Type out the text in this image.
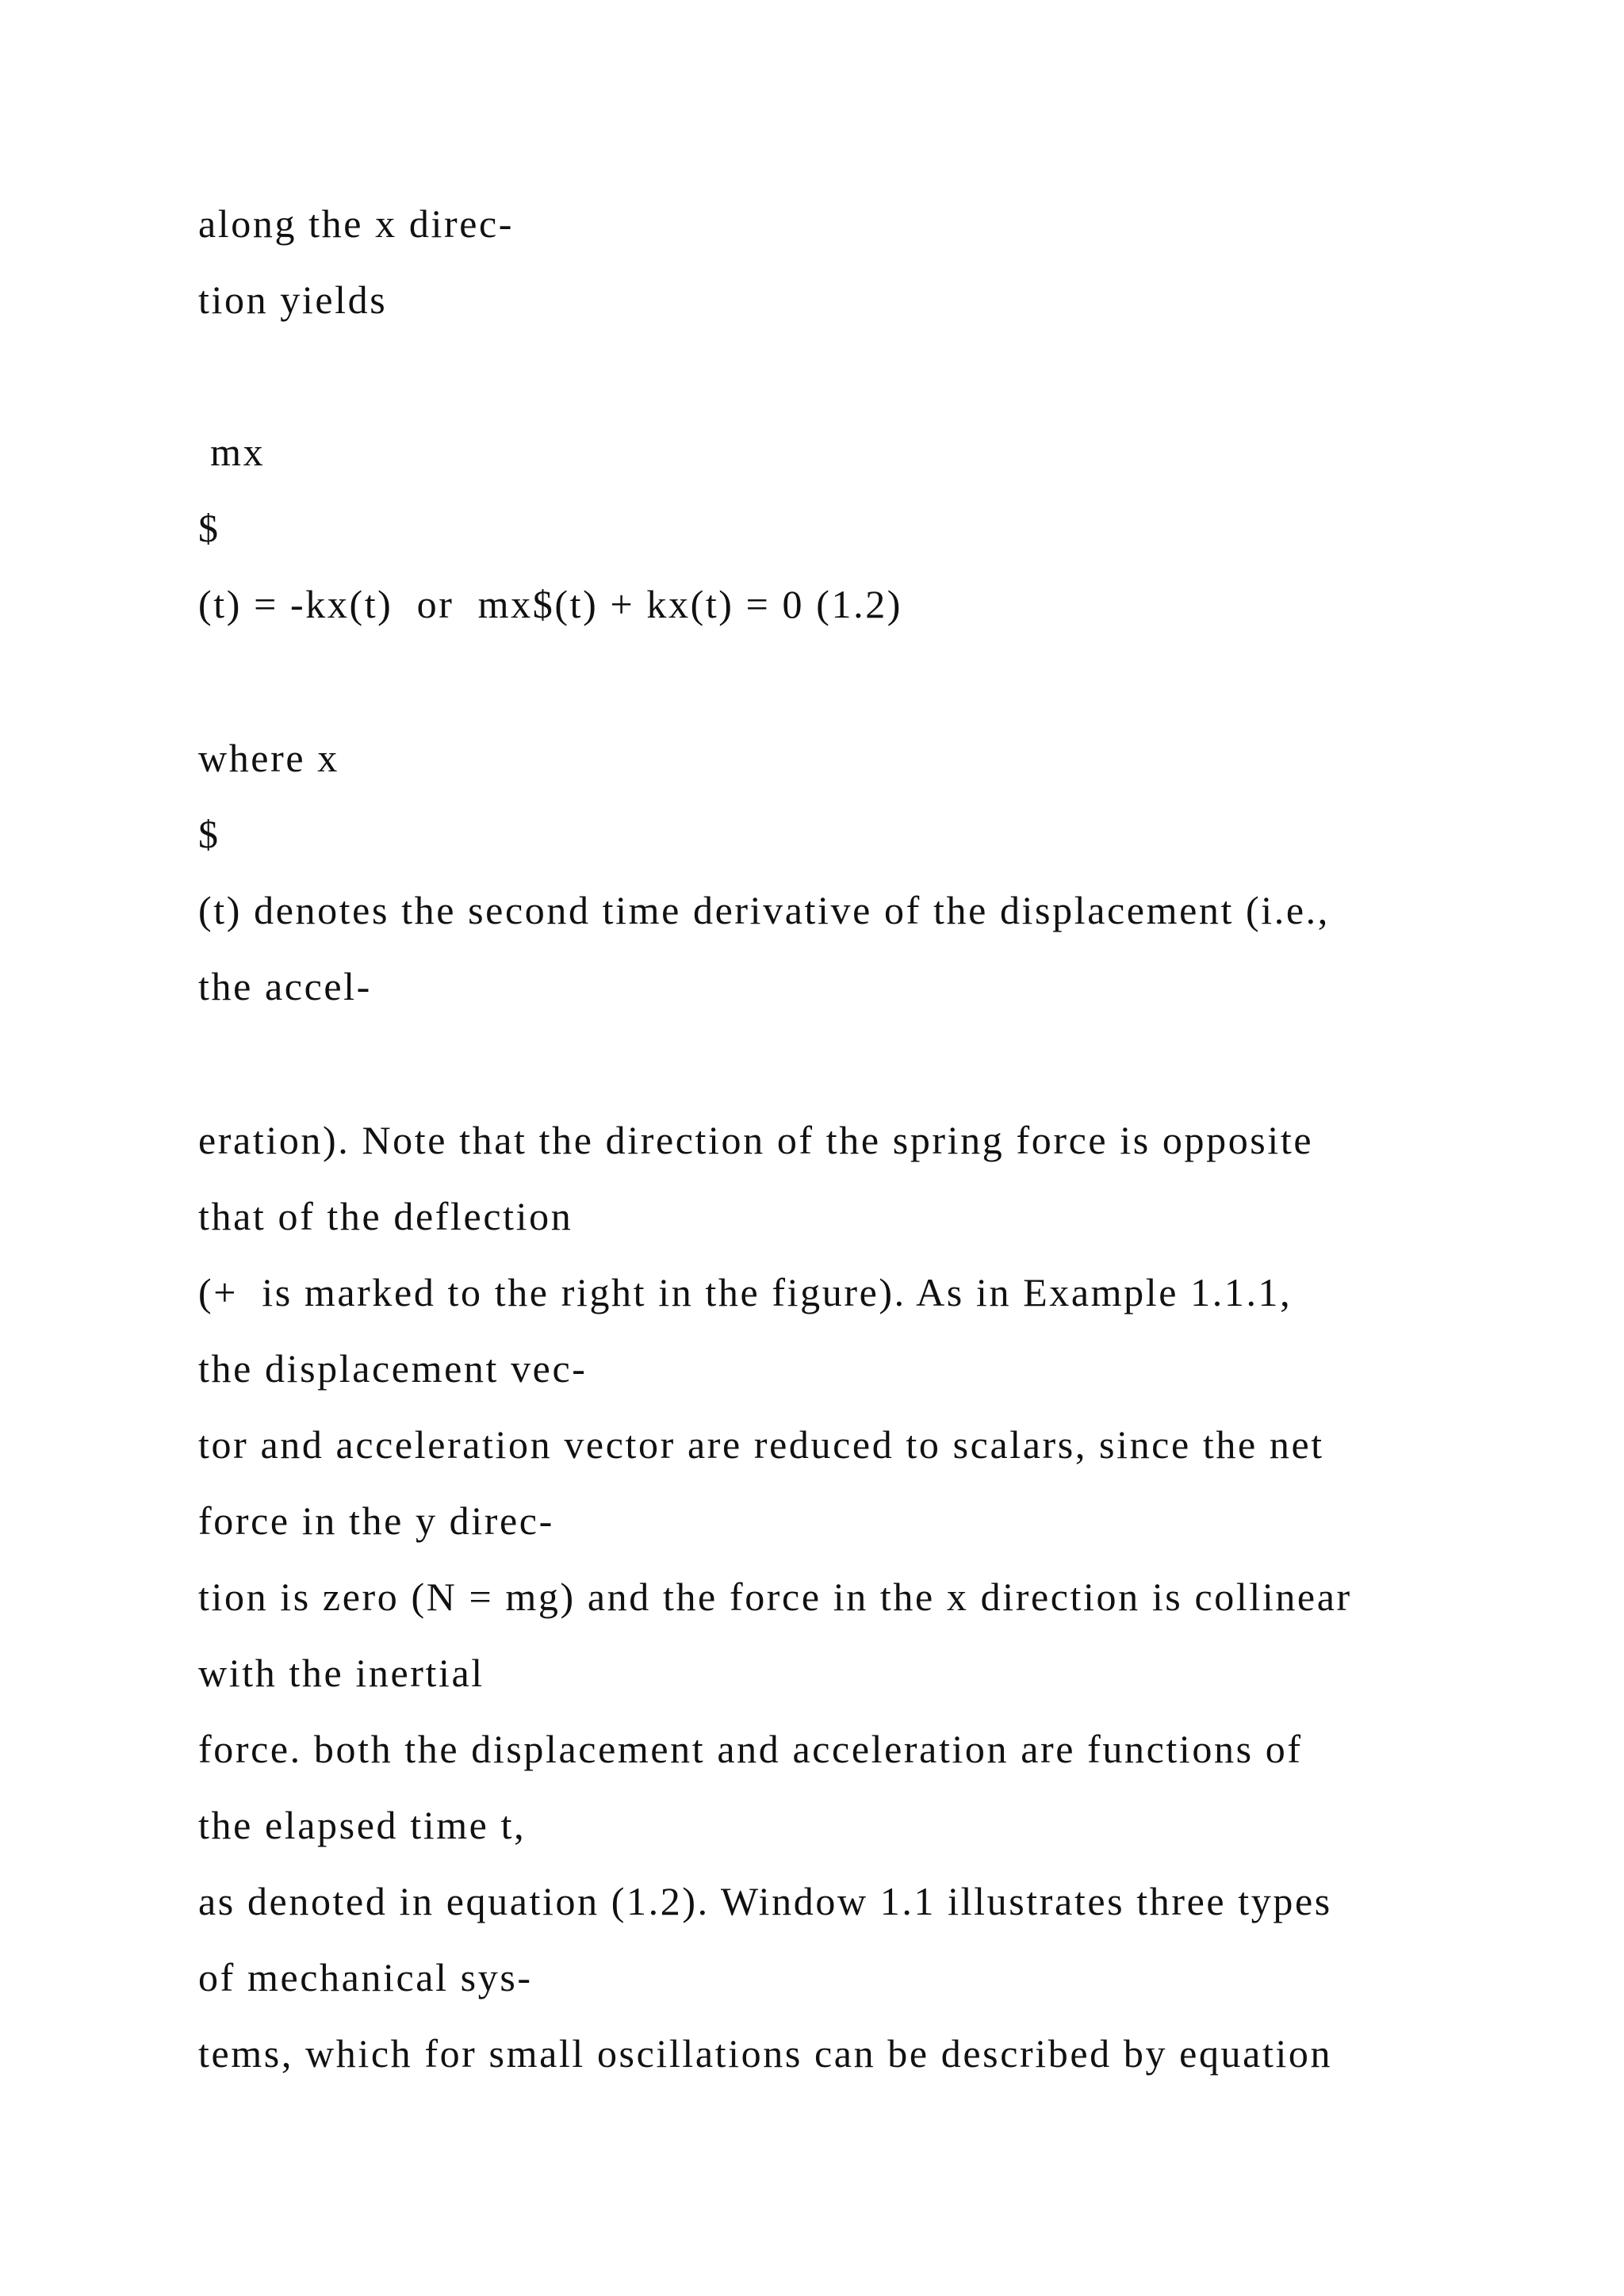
along the x direc-

tion yields

mx

$

(t) = -kx(t)  or  mx$(t) + kx(t) = 0 (1.2)

where x

$

(t) denotes the second time derivative of the displacement (i.e.,

the accel-

eration). Note that the direction of the spring force is opposite

that of the deflection

(+  is marked to the right in the figure). As in Example 1.1.1,

the displacement vec-

tor and acceleration vector are reduced to scalars, since the net

force in the y direc-

tion is zero (N = mg) and the force in the x direction is collinear

with the inertial

force. both the displacement and acceleration are functions of

the elapsed time t,

as denoted in equation (1.2). Window 1.1 illustrates three types

of mechanical sys-

tems, which for small oscillations can be described by equation
